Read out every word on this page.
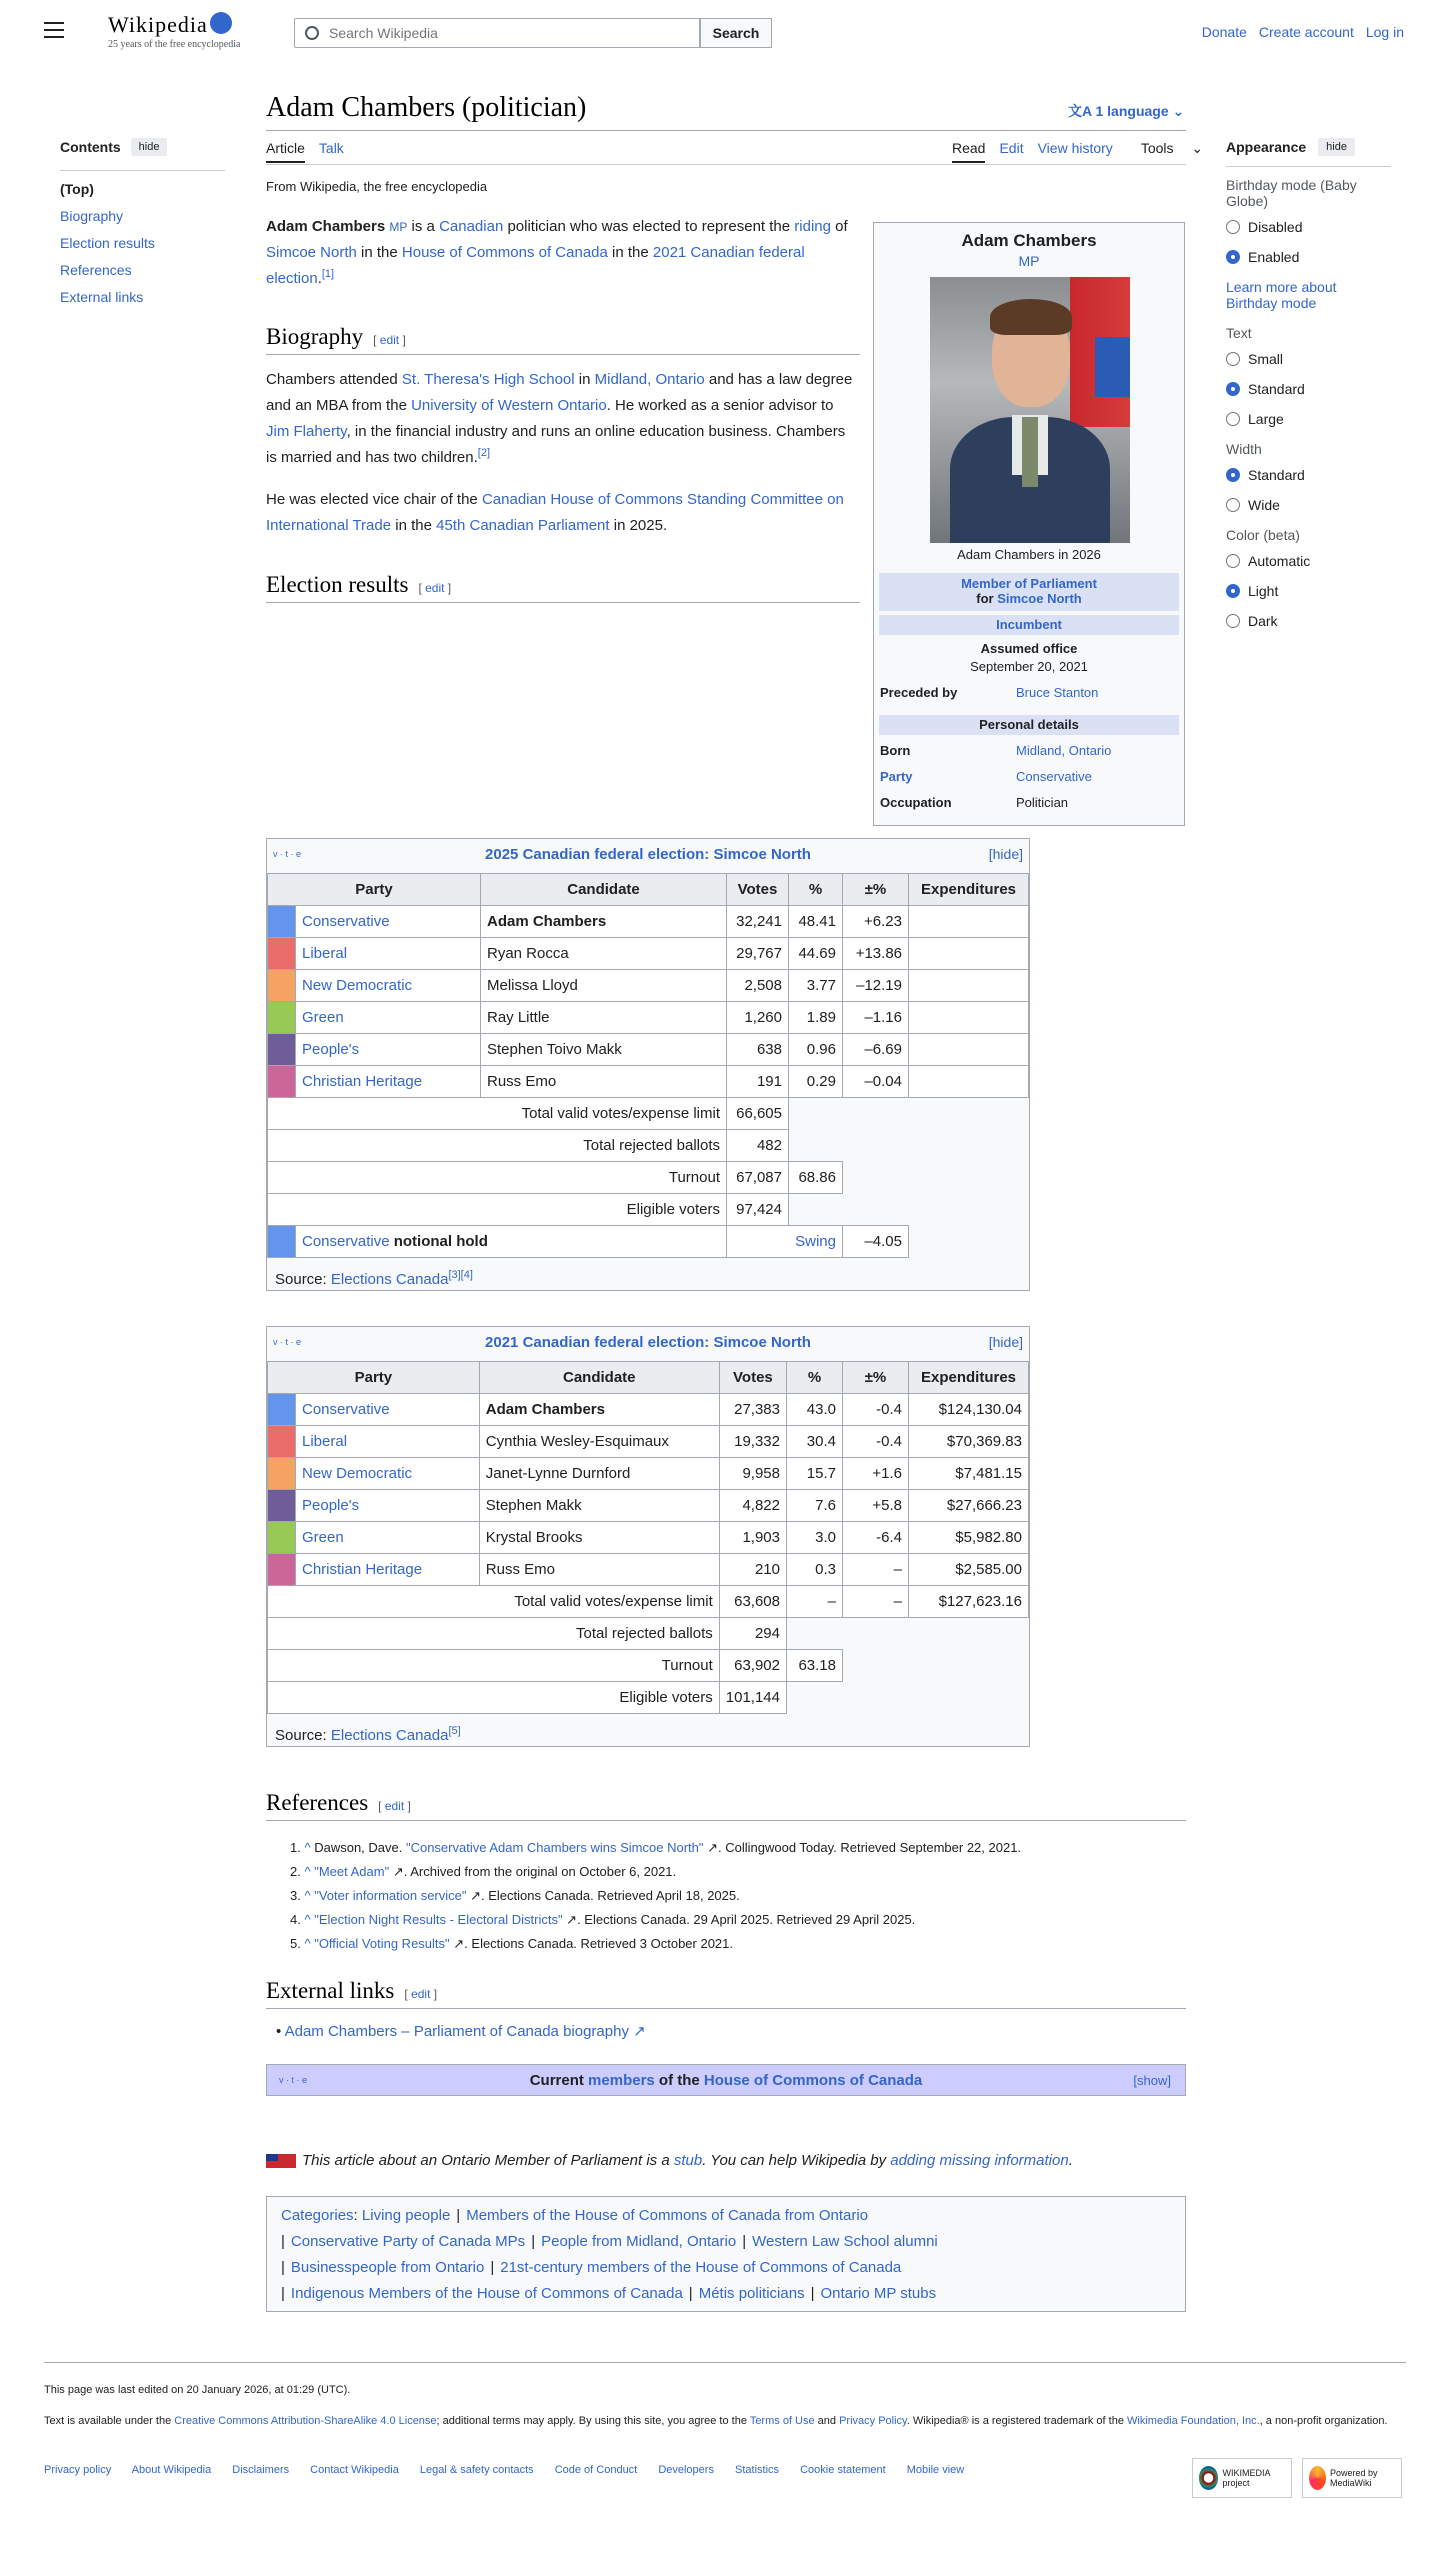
Wikipedia
25 years of the free encyclopedia
Search Wikipedia
Search	Donate Create account Log in
Contents	hide
(Top)
Biography
Election results
References
External links
Appearance	hide
Birthday mode (Baby Globe)
Disabled
Enabled
Learn more about Birthday mode
Text
Small
Standard
Large
Width
Standard
Wide
Color (beta)
Automatic
Light
Dark
Adam Chambers (politician)	文A 1 language ⌄
Article Talk	Read Edit View history Tools ⌄
From Wikipedia, the free encyclopedia
Adam Chambers MP is a Canadian politician who was elected to represent the riding of Simcoe North in the House of Commons of Canada in the 2021 Canadian federal election.[1]
Biography [ edit ]
Chambers attended St. Theresa's High School in Midland, Ontario and has a law degree and an MBA from the University of Western Ontario. He worked as a senior advisor to Jim Flaherty, in the financial industry and runs an online education business. Chambers is married and has two children.[2]
He was elected vice chair of the Canadian House of Commons Standing Committee on International Trade in the 45th Canadian Parliament in 2025.
Election results [ edit ]
Adam Chambers
MP
Adam Chambers in 2026
Member of Parliament
for Simcoe North
Incumbent
Assumed office
September 20, 2021
Preceded by	Bruce Stanton
Personal details
Born	Midland, Ontario
Party	Conservative
Occupation	Politician
v · t · e	2025 Canadian federal election: Simcoe North	[hide]
Party		Candidate	Votes	%	±%	Expenditures
	Conservative	Adam Chambers	32,241	48.41	+6.23	
	Liberal	Ryan Rocca	29,767	44.69	+13.86	
	New Democratic	Melissa Lloyd	2,508	3.77	–12.19	
	Green	Ray Little	1,260	1.89	–1.16	
	People's	Stephen Toivo Makk	638	0.96	–6.69	
	Christian Heritage	Russ Emo	191	0.29	–0.04	
Total valid votes/expense limit			66,605			
Total rejected ballots			482			
Turnout			67,087	68.86		
Eligible voters			97,424			
	Conservative notional hold		Swing		–4.05	
Source: Elections Canada[3][4]
v · t · e	2021 Canadian federal election: Simcoe North	[hide]
Party		Candidate	Votes	%	±%	Expenditures
	Conservative	Adam Chambers	27,383	43.0	-0.4	$124,130.04
	Liberal	Cynthia Wesley-Esquimaux	19,332	30.4	-0.4	$70,369.83
	New Democratic	Janet-Lynne Durnford	9,958	15.7	+1.6	$7,481.15
	People's	Stephen Makk	4,822	7.6	+5.8	$27,666.23
	Green	Krystal Brooks	1,903	3.0	-6.4	$5,982.80
	Christian Heritage	Russ Emo	210	0.3	–	$2,585.00
Total valid votes/expense limit			63,608	–	–	$127,623.16
Total rejected ballots			294			
Turnout			63,902	63.18		
Eligible voters			101,144			
Source: Elections Canada[5]
References [ edit ]
1. ^ Dawson, Dave. "Conservative Adam Chambers wins Simcoe North" ↗. Collingwood Today. Retrieved September 22, 2021.
2. ^ "Meet Adam" ↗. Archived from the original on October 6, 2021.
3. ^ "Voter information service" ↗. Elections Canada. Retrieved April 18, 2025.
4. ^ "Election Night Results - Electoral Districts" ↗. Elections Canada. 29 April 2025. Retrieved 29 April 2025.
5. ^ "Official Voting Results" ↗. Elections Canada. Retrieved 3 October 2021.
External links [ edit ]
• Adam Chambers – Parliament of Canada biography ↗
v · t · e	Current members of the House of Commons of Canada	[show]
This article about an Ontario Member of Parliament is a stub. You can help Wikipedia by adding missing information.
Categories: Living people | Members of the House of Commons of Canada from Ontario
| Conservative Party of Canada MPs | People from Midland, Ontario | Western Law School alumni
| Businesspeople from Ontario | 21st-century members of the House of Commons of Canada
| Indigenous Members of the House of Commons of Canada | Métis politicians | Ontario MP stubs
This page was last edited on 20 January 2026, at 01:29 (UTC).
Text is available under the Creative Commons Attribution-ShareAlike 4.0 License; additional terms may apply. By using this site, you agree to the Terms of Use and Privacy Policy. Wikipedia® is a registered trademark of the Wikimedia Foundation, Inc., a non-profit organization.
Privacy policy About Wikipedia Disclaimers Contact Wikipedia Legal & safety contacts Code of Conduct Developers Statistics Cookie statement Mobile view	WIKIMEDIA project
Powered by MediaWiki
